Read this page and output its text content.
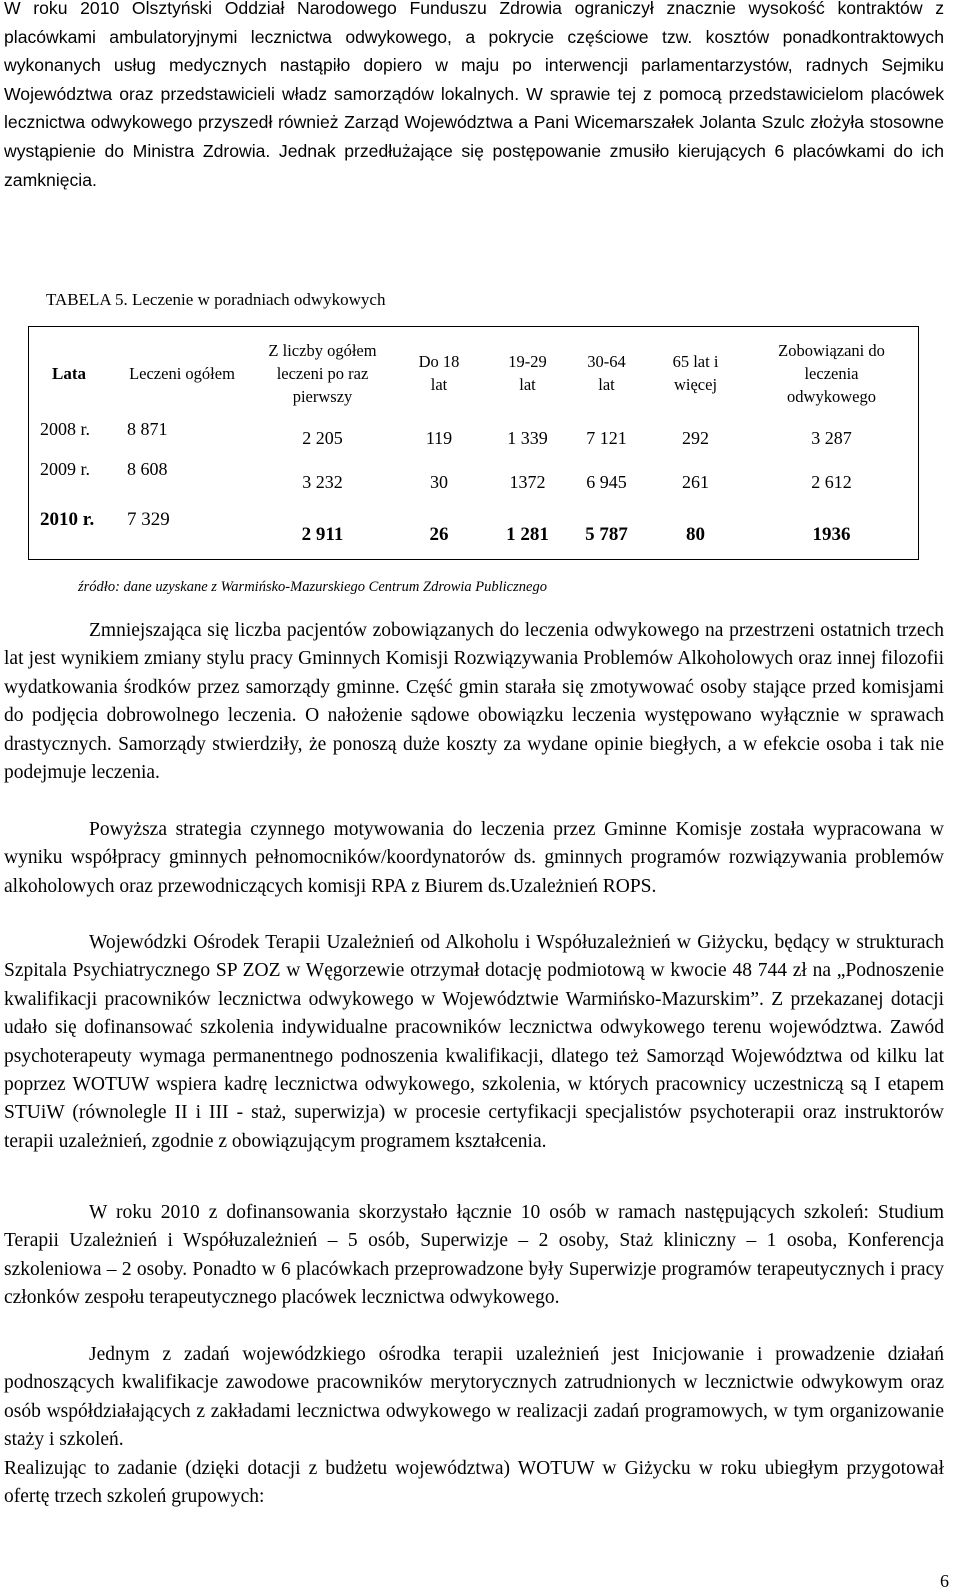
W roku 2010 Olsztyński Oddział Narodowego Funduszu Zdrowia ograniczył znacznie wysokość kontraktów z placówkami ambulatoryjnymi lecznictwa odwykowego, a pokrycie częściowe tzw. kosztów ponadkontraktowych wykonanych usług medycznych nastąpiło dopiero w maju po interwencji parlamentarzystów, radnych Sejmiku Województwa oraz przedstawicieli władz samorządów lokalnych. W sprawie tej z pomocą przedstawicielom placówek lecznictwa odwykowego przyszedł również Zarząd Województwa a Pani Wicemarszałek Jolanta Szulc złożyła stosowne wystąpienie do Ministra Zdrowia. Jednak przedłużające się postępowanie zmusiło kierujących 6 placówkami do ich zamknięcia.

TABELA 5. Leczenie w poradniach odwykowych
Lata	Leczeni ogółem	Z liczby ogółem leczeni po raz pierwszy	Do 18 lat	19-29 lat	30-64 lat	65 lat i więcej	Zobowiązani do leczenia odwykowego

2008 r.	8 871	2 205	119	1 339	7 121	292	3 287
2009 r.	8 608	3 232	30	1372	6 945	261	2 612
2010 r.	7 329	2 911	26	1 281	5 787	80	1936
źródło: dane uzyskane z Warmińsko-Mazurskiego Centrum Zdrowia Publicznego

Zmniejszająca się liczba pacjentów zobowiązanych do leczenia odwykowego na przestrzeni ostatnich trzech lat jest wynikiem zmiany stylu pracy Gminnych Komisji Rozwiązywania Problemów Alkoholowych oraz innej filozofii wydatkowania środków przez samorządy gminne. Część gmin starała się zmotywować osoby stające przed komisjami do podjęcia dobrowolnego leczenia. O nałożenie sądowe obowiązku leczenia występowano wyłącznie w sprawach drastycznych. Samorządy stwierdziły, że ponoszą duże koszty za wydane opinie biegłych, a w efekcie osoba i tak nie podejmuje leczenia.

Powyższa strategia czynnego motywowania do leczenia przez Gminne Komisje została wypracowana w wyniku współpracy gminnych pełnomocników/koordynatorów ds. gminnych programów rozwiązywania problemów alkoholowych oraz przewodniczących komisji RPA z Biurem ds.Uzależnień ROPS.

Wojewódzki Ośrodek Terapii Uzależnień od Alkoholu i Współuzależnień w Giżycku, będący w strukturach Szpitala Psychiatrycznego SP ZOZ w Węgorzewie otrzymał dotację podmiotową w kwocie 48 744 zł na „Podnoszenie kwalifikacji pracowników lecznictwa odwykowego w Województwie Warmińsko-Mazurskim”. Z przekazanej dotacji udało się dofinansować szkolenia indywidualne pracowników lecznictwa odwykowego terenu województwa. Zawód psychoterapeuty wymaga permanentnego podnoszenia kwalifikacji, dlatego też Samorząd Województwa od kilku lat poprzez WOTUW wspiera kadrę lecznictwa odwykowego, szkolenia, w których pracownicy uczestniczą są I etapem STUiW (równolegle II i III - staż, superwizja) w procesie certyfikacji specjalistów psychoterapii oraz instruktorów terapii uzależnień, zgodnie z obowiązującym programem kształcenia.

W roku 2010 z dofinansowania skorzystało łącznie 10 osób w ramach następujących szkoleń: Studium Terapii Uzależnień i Współuzależnień – 5 osób, Superwizje – 2 osoby, Staż kliniczny – 1 osoba, Konferencja szkoleniowa – 2 osoby. Ponadto w 6 placówkach przeprowadzone były Superwizje programów terapeutycznych i pracy członków zespołu terapeutycznego placówek lecznictwa odwykowego.

Jednym z zadań wojewódzkiego ośrodka terapii uzależnień jest Inicjowanie i prowadzenie działań podnoszących kwalifikacje zawodowe pracowników merytorycznych zatrudnionych w lecznictwie odwykowym oraz osób współdziałających z zakładami lecznictwa odwykowego w realizacji zadań programowych, w tym organizowanie staży i szkoleń.

Realizując to zadanie (dzięki dotacji z budżetu województwa) WOTUW w Giżycku w roku ubiegłym przygotował ofertę trzech szkoleń grupowych:

6
